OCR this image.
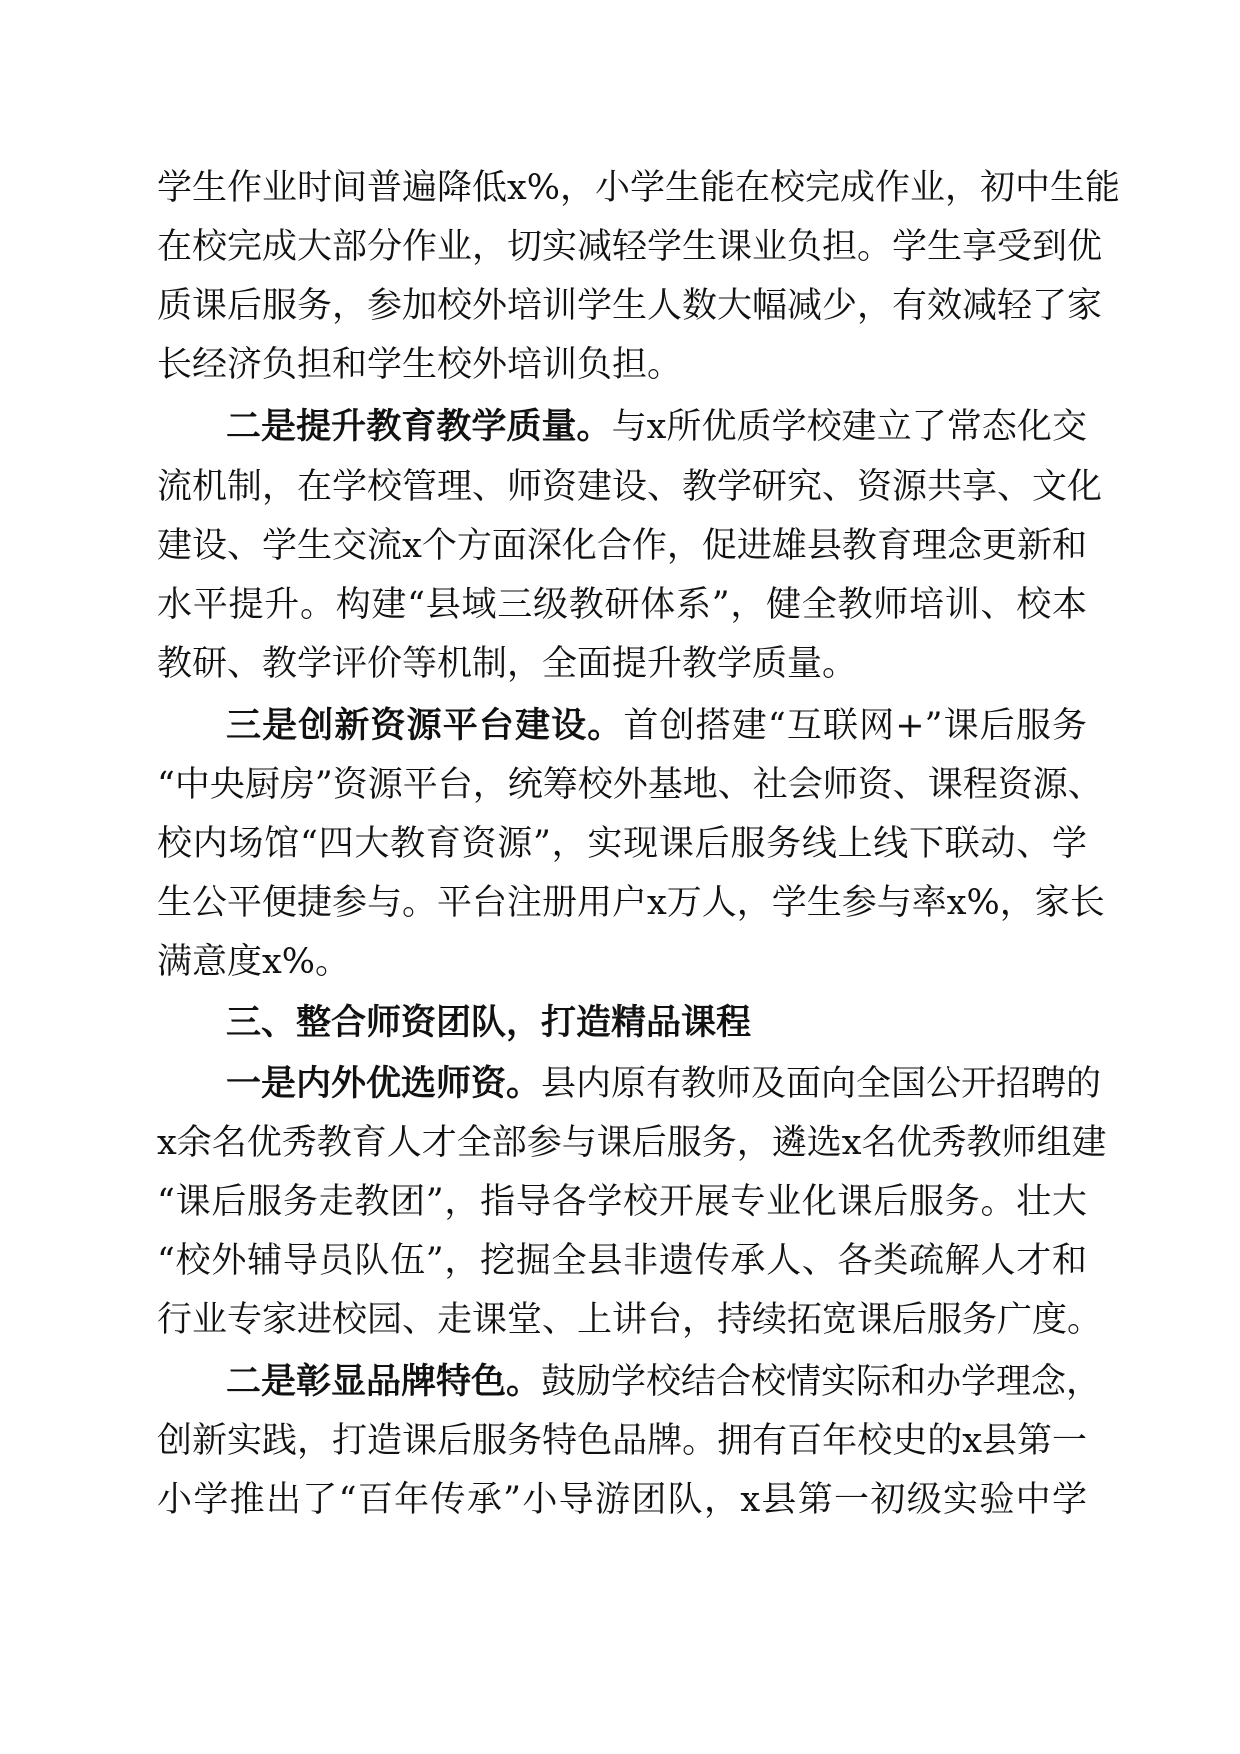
学生作业时间普遍降低x%，小学生能在校完成作业，初中生能
在校完成大部分作业，切实减轻学生课业负担。学生享受到优
质课后服务，参加校外培训学生人数大幅减少，有效减轻了家
长经济负担和学生校外培训负担。
二是提升教育教学质量。与x所优质学校建立了常态化交
流机制，在学校管理、师资建设、教学研究、资源共享、文化
建设、学生交流x个方面深化合作，促进雄县教育理念更新和
水平提升。构建“县域三级教研体系”，健全教师培训、校本
教研、教学评价等机制，全面提升教学质量。
三是创新资源平台建设。首创搭建“互联网+”课后服务
“中央厨房”资源平台，统筹校外基地、社会师资、课程资源、
校内场馆“四大教育资源”，实现课后服务线上线下联动、学
生公平便捷参与。平台注册用户x万人，学生参与率x%，家长
满意度x%。
三、整合师资团队，打造精品课程
一是内外优选师资。县内原有教师及面向全国公开招聘的
x余名优秀教育人才全部参与课后服务，遴选x名优秀教师组建
“课后服务走教团”，指导各学校开展专业化课后服务。壮大
“校外辅导员队伍”，挖掘全县非遗传承人、各类疏解人才和
行业专家进校园、走课堂、上讲台，持续拓宽课后服务广度。
二是彰显品牌特色。鼓励学校结合校情实际和办学理念，
创新实践，打造课后服务特色品牌。拥有百年校史的x县第一
小学推出了“百年传承”小导游团队，x县第一初级实验中学
